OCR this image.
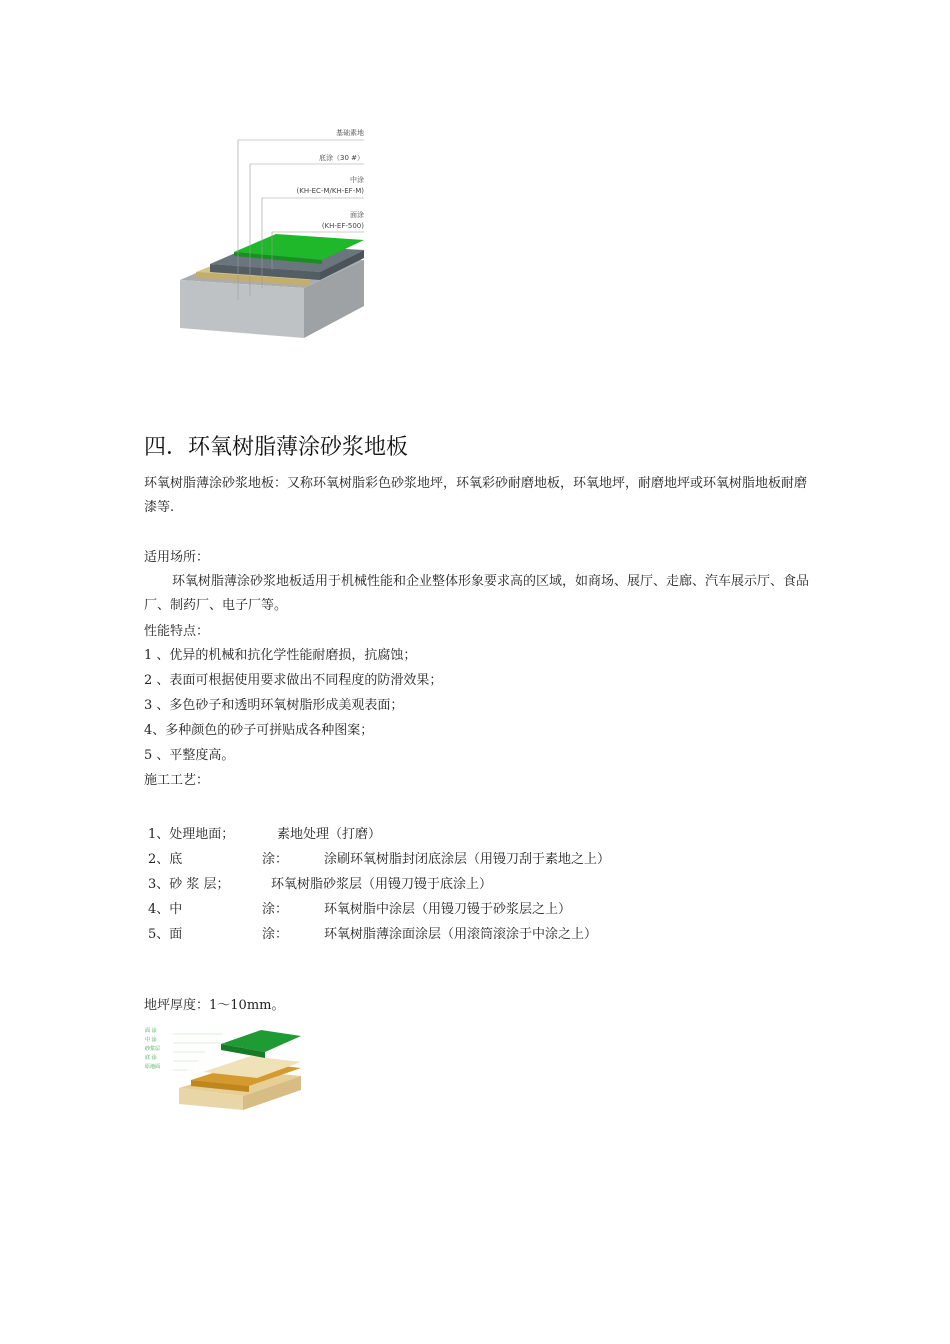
基础素地
底涂（30 #）
中涂
(KH-EC-M/KH-EF-M)
面涂
(KH-EF-500)
四．环氧树脂薄涂砂浆地板

环氧树脂薄涂砂浆地板：又称环氧树脂彩色砂浆地坪，环氧彩砂耐磨地板，环氧地坪，耐磨地坪或环氧树脂地板耐磨漆等.

适用场所：

环氧树脂薄涂砂浆地板适用于机械性能和企业整体形象要求高的区域，如商场、展厅、走廊、汽车展示厅、食品厂、制药厂、电子厂等。

性能特点：
1 、优异的机械和抗化学性能耐磨损，抗腐蚀；
2 、表面可根据使用要求做出不同程度的防滑效果；
3 、多色砂子和透明环氧树脂形成美观表面；
4、多种颜色的砂子可拼贴成各种图案；
5 、平整度高。
施工工艺：
1、处理地面；	素地处理（打磨）
2、底	涂：	涂刷环氧树脂封闭底涂层（用镘刀刮于素地之上）
3、砂 浆 层；	环氧树脂砂浆层（用镘刀镘于底涂上）
4、中	涂：	环氧树脂中涂层（用镘刀镘于砂浆层之上）
5、面	涂：	环氧树脂薄涂面涂层（用滚筒滚涂于中涂之上）
地坪厚度：1～10mm。
面 涂
中 涂
砂浆层
底 涂
原地面
